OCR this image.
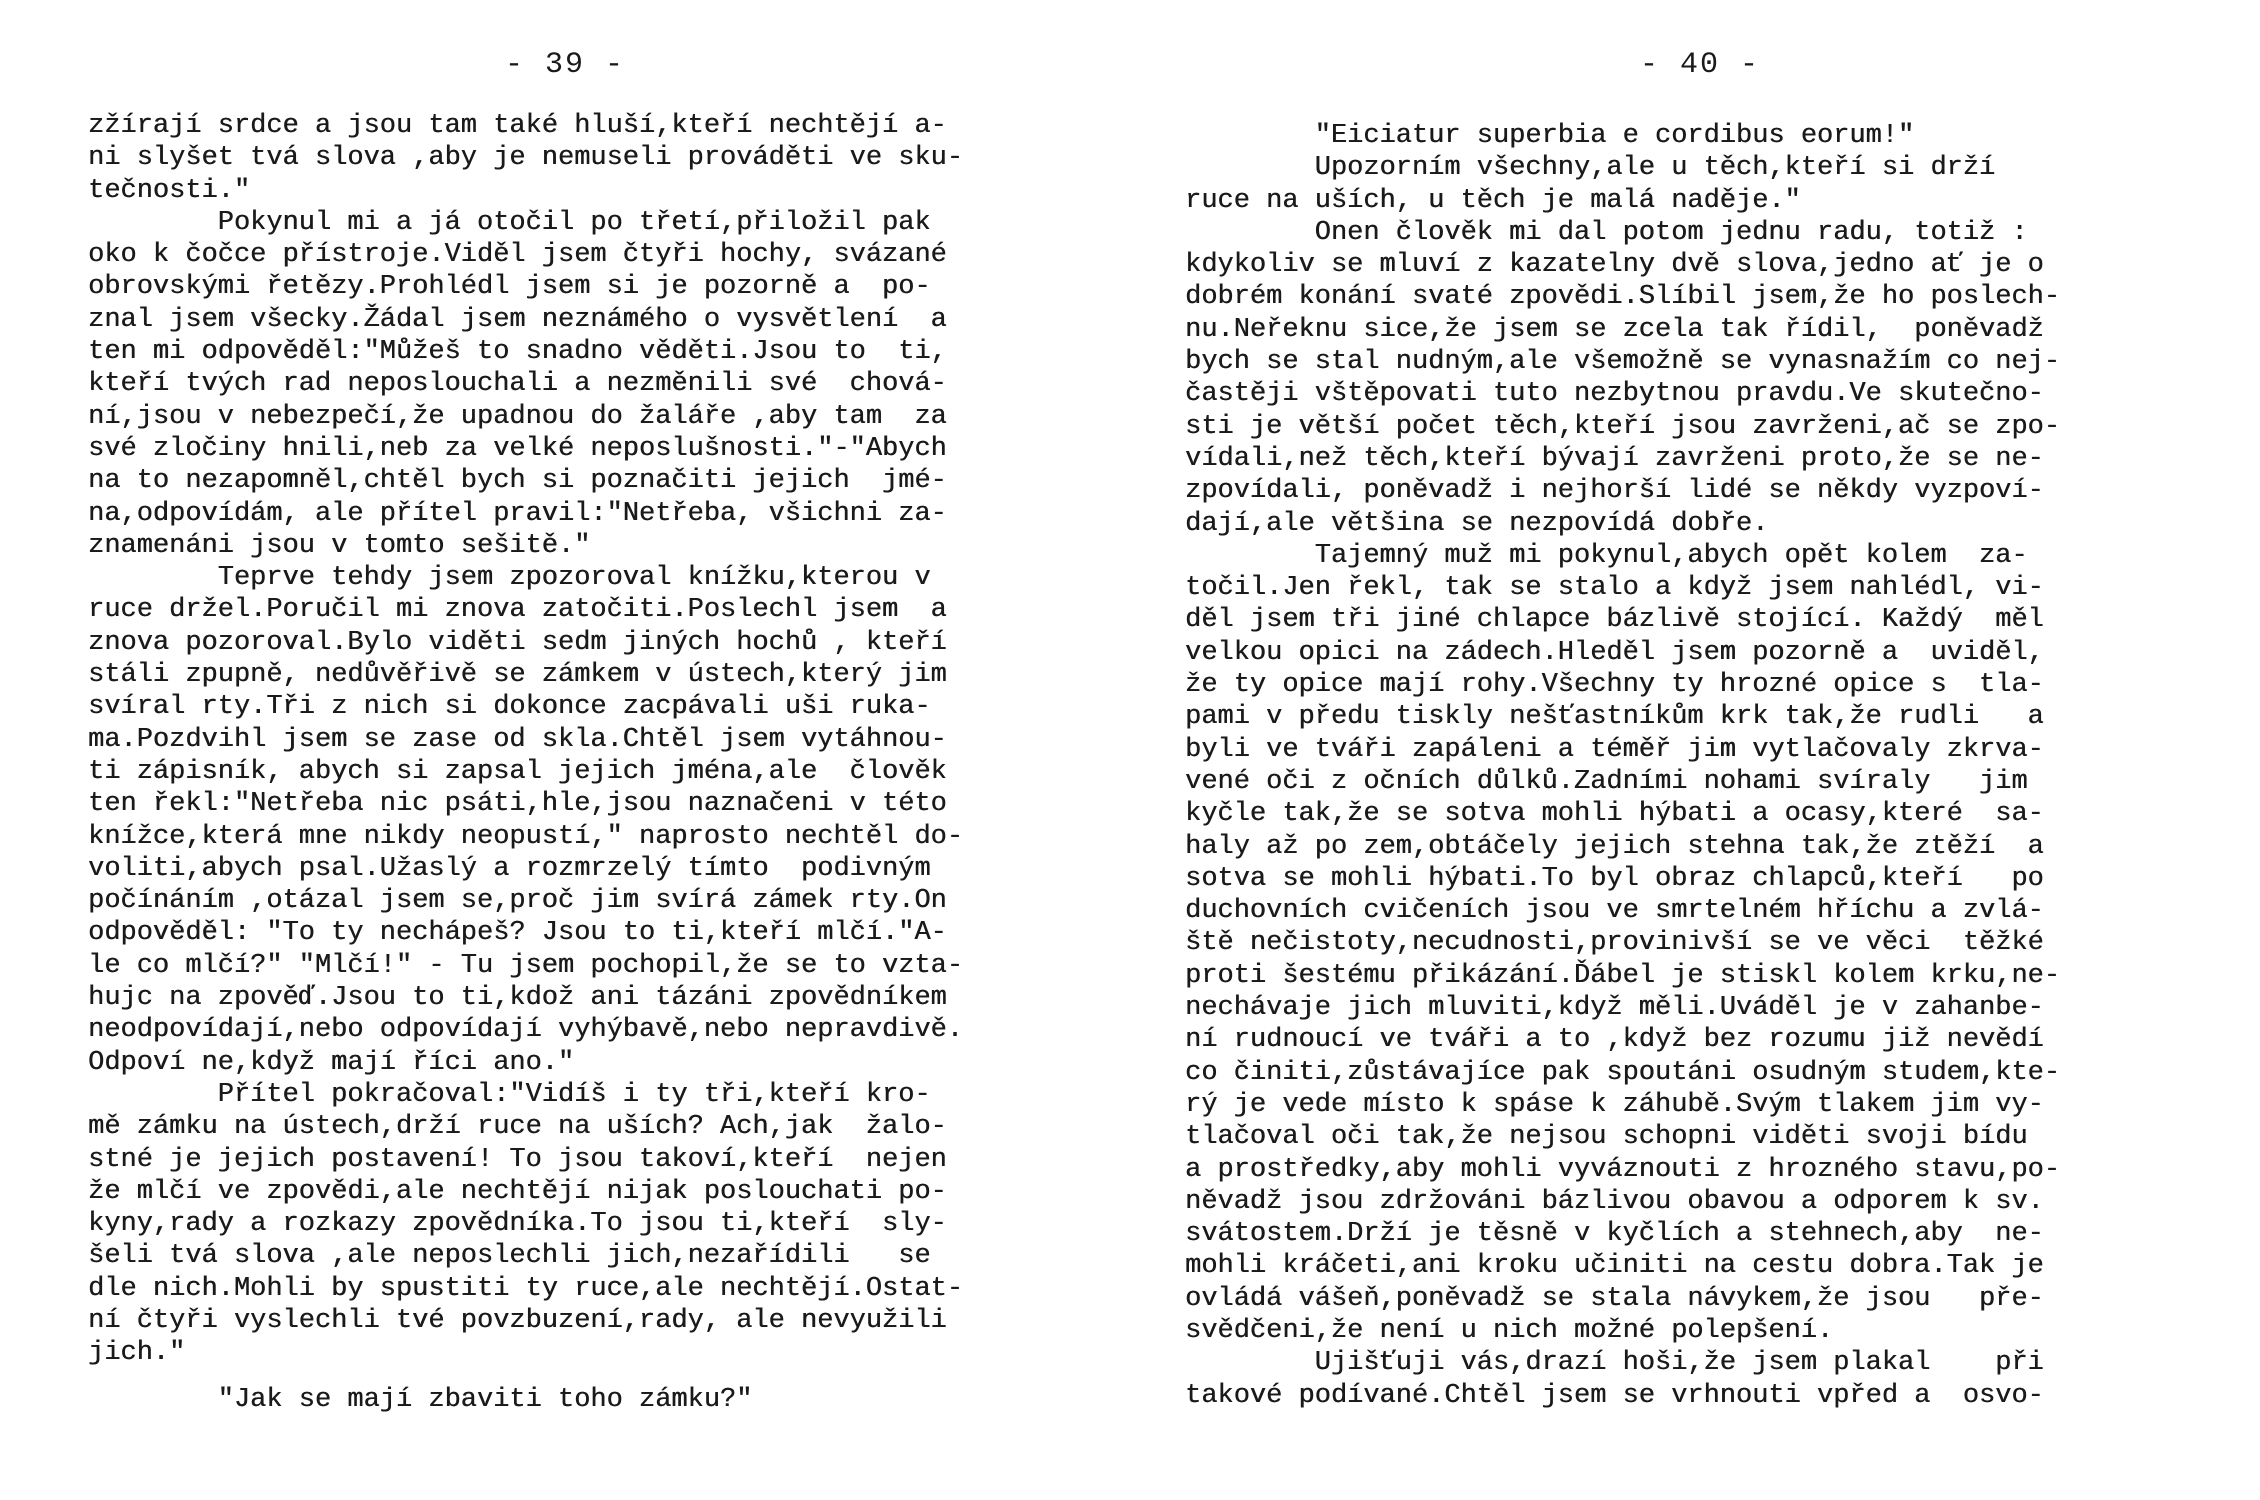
- 39 -
zžírají srdce a jsou tam také hluší,kteří nechtějí a-
ni slyšet tvá slova ,aby je nemuseli prováděti ve sku-
tečnosti."
Pokynul mi a já otočil po třetí,přiložil pak
oko k čočce přístroje.Viděl jsem čtyři hochy, svázané
obrovskými řetězy.Prohlédl jsem si je pozorně a  po-
znal jsem všecky.Žádal jsem neznámého o vysvětlení  a
ten mi odpověděl:"Můžeš to snadno věděti.Jsou to  ti,
kteří tvých rad neposlouchali a nezměnili své  chová-
ní,jsou v nebezpečí,že upadnou do žaláře ,aby tam  za
své zločiny hnili,neb za velké neposlušnosti."-"Abych
na to nezapomněl,chtěl bych si poznačiti jejich  jmé-
na,odpovídám, ale přítel pravil:"Netřeba, všichni za-
znamenáni jsou v tomto sešitě."
Teprve tehdy jsem zpozoroval knížku,kterou v
ruce držel.Poručil mi znova zatočiti.Poslechl jsem  a
znova pozoroval.Bylo viděti sedm jiných hochů , kteří
stáli zpupně, nedůvěřivě se zámkem v ústech,který jim
svíral rty.Tři z nich si dokonce zacpávali uši ruka-
ma.Pozdvihl jsem se zase od skla.Chtěl jsem vytáhnou-
ti zápisník, abych si zapsal jejich jména,ale  člověk
ten řekl:"Netřeba nic psáti,hle,jsou naznačeni v této
knížce,která mne nikdy neopustí," naprosto nechtěl do-
voliti,abych psal.Užaslý a rozmrzelý tímto  podivným
počínáním ,otázal jsem se,proč jim svírá zámek rty.On
odpověděl: "To ty nechápeš? Jsou to ti,kteří mlčí."A-
le co mlčí?" "Mlčí!" - Tu jsem pochopil,že se to vzta-
hujc na zpověď.Jsou to ti,kdož ani tázáni zpovědníkem
neodpovídají,nebo odpovídají vyhýbavě,nebo nepravdivě.
Odpoví ne,když mají říci ano."
Přítel pokračoval:"Vidíš i ty tři,kteří kro-
mě zámku na ústech,drží ruce na uších? Ach,jak  žalo-
stné je jejich postavení! To jsou takoví,kteří  nejen
že mlčí ve zpovědi,ale nechtějí nijak poslouchati po-
kyny,rady a rozkazy zpovědníka.To jsou ti,kteří  sly-
šeli tvá slova ,ale neposlechli jich,nezařídili   se
dle nich.Mohli by spustiti ty ruce,ale nechtějí.Ostat-
ní čtyři vyslechli tvé povzbuzení,rady, ale nevyužili
jich."
"Jak se mají zbaviti toho zámku?"
- 40 -
"Eiciatur superbia e cordibus eorum!"
Upozorním všechny,ale u těch,kteří si drží
ruce na uších, u těch je malá naděje."
Onen člověk mi dal potom jednu radu, totiž :
kdykoliv se mluví z kazatelny dvě slova,jedno ať je o
dobrém konání svaté zpovědi.Slíbil jsem,že ho poslech-
nu.Neřeknu sice,že jsem se zcela tak řídil,  poněvadž
bych se stal nudným,ale všemožně se vynasnažím co nej-
častěji vštěpovati tuto nezbytnou pravdu.Ve skutečno-
sti je větší počet těch,kteří jsou zavrženi,ač se zpo-
vídali,než těch,kteří bývají zavrženi proto,že se ne-
zpovídali, poněvadž i nejhorší lidé se někdy vyzpoví-
dají,ale většina se nezpovídá dobře.
Tajemný muž mi pokynul,abych opět kolem  za-
točil.Jen řekl, tak se stalo a když jsem nahlédl, vi-
děl jsem tři jiné chlapce bázlivě stojící. Každý  měl
velkou opici na zádech.Hleděl jsem pozorně a  uviděl,
že ty opice mají rohy.Všechny ty hrozné opice s  tla-
pami v předu tiskly nešťastníkům krk tak,že rudli   a
byli ve tváři zapáleni a téměř jim vytlačovaly zkrva-
vené oči z očních důlků.Zadními nohami svíraly   jim
kyčle tak,že se sotva mohli hýbati a ocasy,které  sa-
haly až po zem,obtáčely jejich stehna tak,že ztěží  a
sotva se mohli hýbati.To byl obraz chlapců,kteří   po
duchovních cvičeních jsou ve smrtelném hříchu a zvlá-
ště nečistoty,necudnosti,provinivší se ve věci  těžké
proti šestému přikázání.Ďábel je stiskl kolem krku,ne-
nechávaje jich mluviti,když měli.Uváděl je v zahanbe-
ní rudnoucí ve tváři a to ,když bez rozumu již nevědí
co činiti,zůstávajíce pak spoutáni osudným studem,kte-
rý je vede místo k spáse k záhubě.Svým tlakem jim vy-
tlačoval oči tak,že nejsou schopni viděti svoji bídu
a prostředky,aby mohli vyváznouti z hrozného stavu,po-
něvadž jsou zdržováni bázlivou obavou a odporem k sv.
svátostem.Drží je těsně v kyčlích a stehnech,aby  ne-
mohli kráčeti,ani kroku učiniti na cestu dobra.Tak je
ovládá vášeň,poněvadž se stala návykem,že jsou   pře-
svědčeni,že není u nich možné polepšení.
Ujišťuji vás,drazí hoši,že jsem plakal    při
takové podívané.Chtěl jsem se vrhnouti vpřed a  osvo-
